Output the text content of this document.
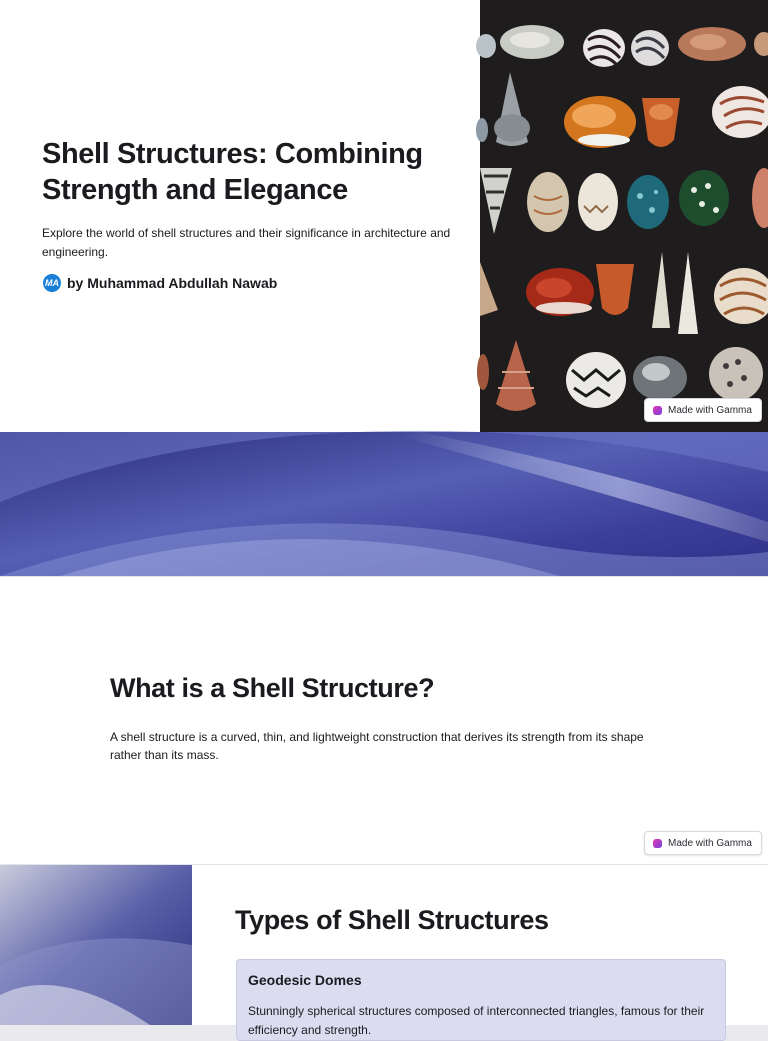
Shell Structures: Combining Strength and Elegance

Explore the world of shell structures and their significance in architecture and engineering.

MA by Muhammad Abdullah Nawab
Made with Gamma
What is a Shell Structure?

A shell structure is a curved, thin, and lightweight construction that derives its strength from its shape rather than its mass.

Made with Gamma
Types of Shell Structures
Geodesic Domes

Stunningly spherical structures composed of interconnected triangles, famous for their efficiency and strength.
